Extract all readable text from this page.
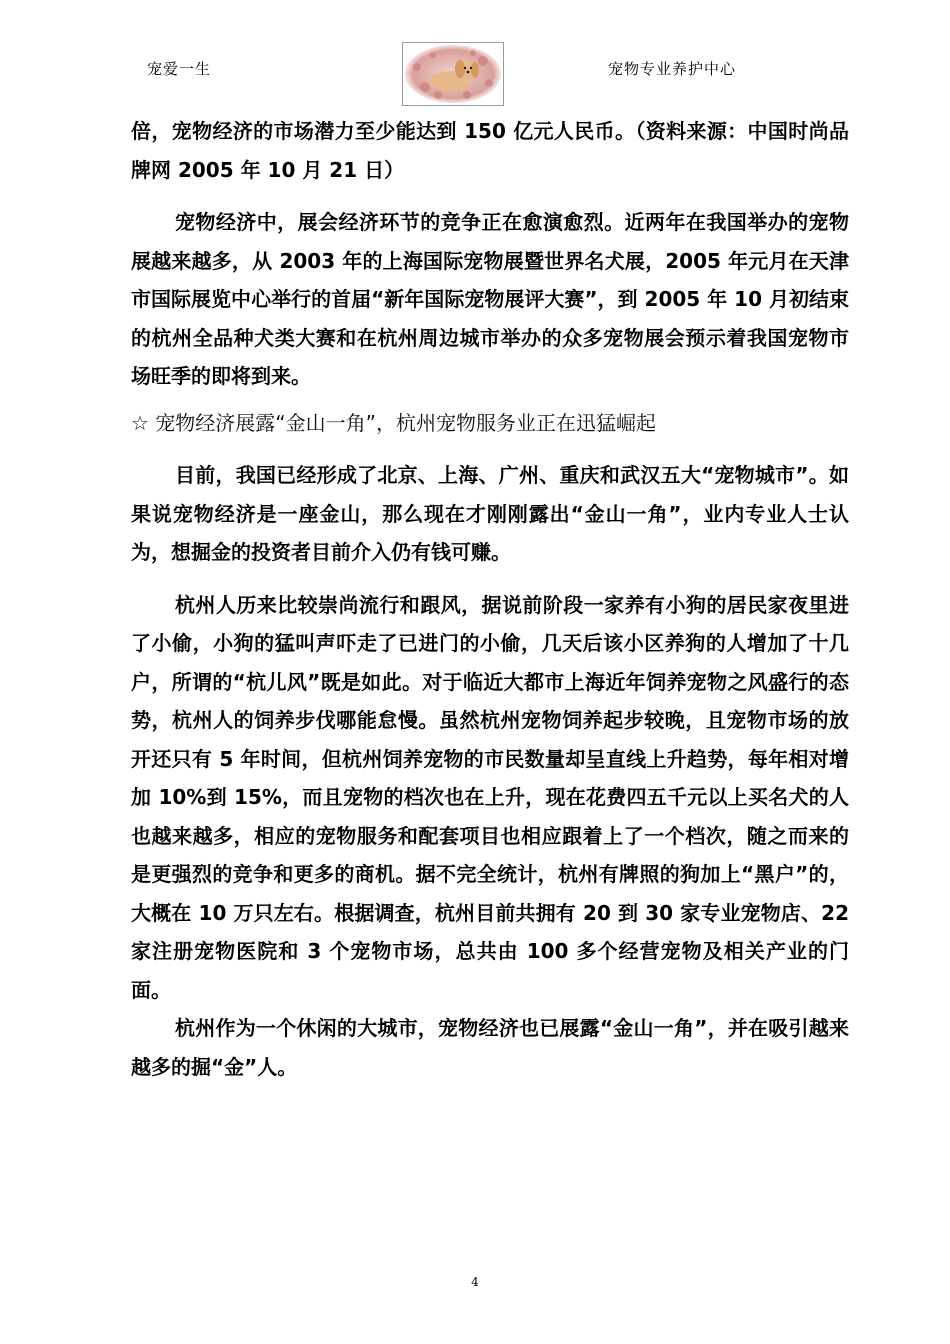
宠爱一生	宠物专业养护中心

倍，宠物经济的市场潜力至少能达到 150 亿元人民币。（资料来源：中国时尚品牌网 2005 年 10 月 21 日）

宠物经济中，展会经济环节的竞争正在愈演愈烈。近两年在我国举办的宠物展越来越多，从 2003 年的上海国际宠物展暨世界名犬展，2005 年元月在天津市国际展览中心举行的首届“新年国际宠物展评大赛”，到 2005 年 10 月初结束的杭州全品种犬类大赛和在杭州周边城市举办的众多宠物展会预示着我国宠物市场旺季的即将到来。

☆ 宠物经济展露“金山一角”，杭州宠物服务业正在迅猛崛起

目前，我国已经形成了北京、上海、广州、重庆和武汉五大“宠物城市”。如果说宠物经济是一座金山，那么现在才刚刚露出“金山一角”，业内专业人士认为，想掘金的投资者目前介入仍有钱可赚。

杭州人历来比较崇尚流行和跟风，据说前阶段一家养有小狗的居民家夜里进了小偷，小狗的猛叫声吓走了已进门的小偷，几天后该小区养狗的人增加了十几户，所谓的“杭儿风”既是如此。对于临近大都市上海近年饲养宠物之风盛行的态势，杭州人的饲养步伐哪能怠慢。虽然杭州宠物饲养起步较晚，且宠物市场的放开还只有 5 年时间，但杭州饲养宠物的市民数量却呈直线上升趋势，每年相对增加 10%到 15%，而且宠物的档次也在上升，现在花费四五千元以上买名犬的人也越来越多，相应的宠物服务和配套项目也相应跟着上了一个档次，随之而来的是更强烈的竞争和更多的商机。据不完全统计，杭州有牌照的狗加上“黑户”的，大概在 10 万只左右。根据调查，杭州目前共拥有 20 到 30 家专业宠物店、22 家注册宠物医院和 3 个宠物市场，总共由 100 多个经营宠物及相关产业的门面。

杭州作为一个休闲的大城市，宠物经济也已展露“金山一角”，并在吸引越来越多的掘“金”人。

4
